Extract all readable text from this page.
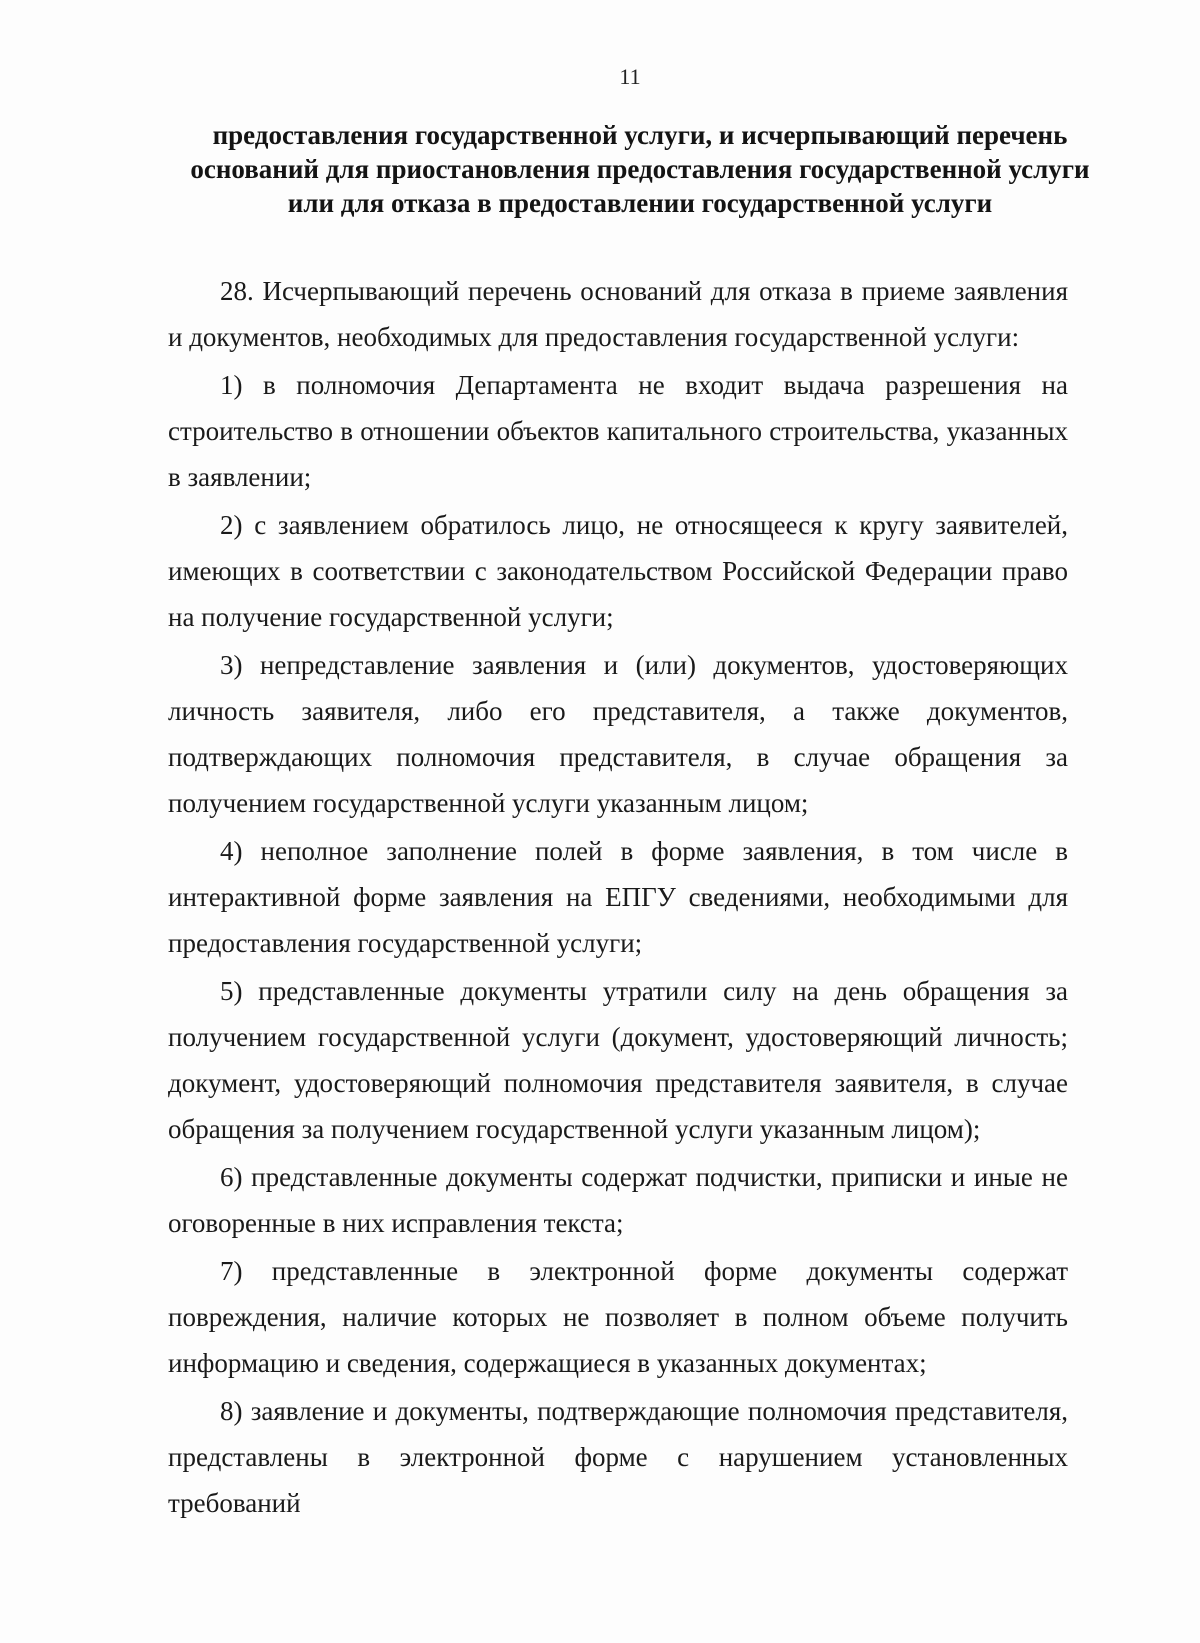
11
предоставления государственной услуги, и исчерпывающий перечень оснований для приостановления предоставления государственной услуги или для отказа в предоставлении государственной услуги

28. Исчерпывающий перечень оснований для отказа в приеме заявления и документов, необходимых для предоставления государственной услуги:

1) в полномочия Департамента не входит выдача разрешения на строительство в отношении объектов капитального строительства, указанных в заявлении;

2) с заявлением обратилось лицо, не относящееся к кругу заявителей, имеющих в соответствии с законодательством Российской Федерации право на получение государственной услуги;

3) непредставление заявления и (или) документов, удостоверяющих личность заявителя, либо его представителя, а также документов, подтверждающих полномочия представителя, в случае обращения за получением государственной услуги указанным лицом;

4) неполное заполнение полей в форме заявления, в том числе в интерактивной форме заявления на ЕПГУ сведениями, необходимыми для предоставления государственной услуги;

5) представленные документы утратили силу на день обращения за получением государственной услуги (документ, удостоверяющий личность; документ, удостоверяющий полномочия представителя заявителя, в случае обращения за получением государственной услуги указанным лицом);

6) представленные документы содержат подчистки, приписки и иные не оговоренные в них исправления текста;

7) представленные в электронной форме документы содержат повреждения, наличие которых не позволяет в полном объеме получить информацию и сведения, содержащиеся в указанных документах;

8) заявление и документы, подтверждающие полномочия представителя, представлены в электронной форме с нарушением установленных требований
